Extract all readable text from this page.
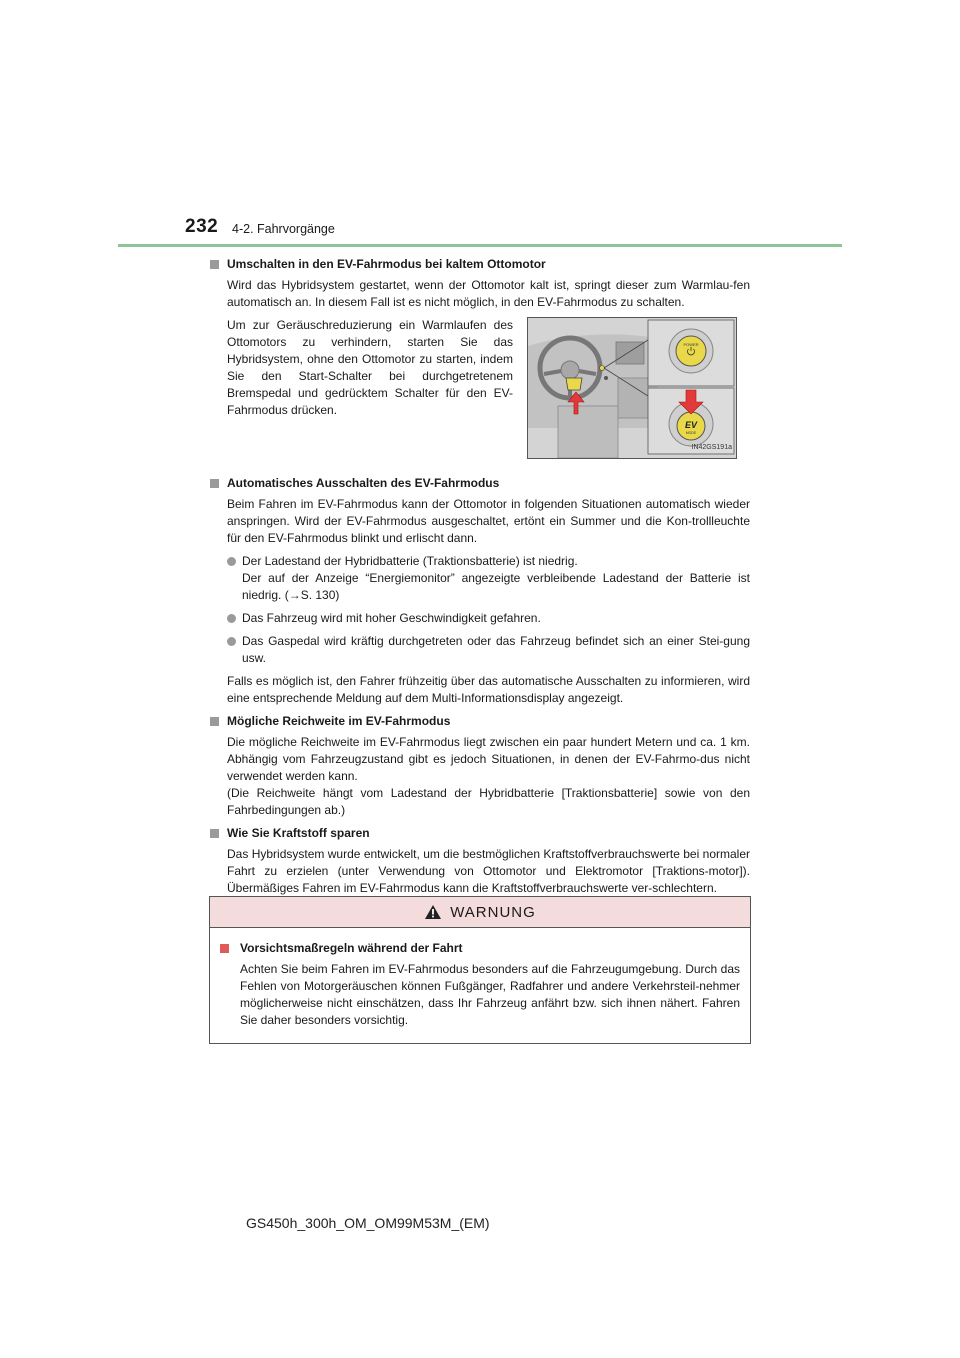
232 4-2. Fahrvorgänge

Umschalten in den EV-Fahrmodus bei kaltem Ottomotor

Wird das Hybridsystem gestartet, wenn der Ottomotor kalt ist, springt dieser zum Warmlau-fen automatisch an. In diesem Fall ist es nicht möglich, in den EV-Fahrmodus zu schalten.

Um zur Geräuschreduzierung ein Warmlaufen des Ottomotors zu verhindern, starten Sie das Hybridsystem, ohne den Ottomotor zu starten, indem Sie den Start-Schalter bei durchgetretenem Bremspedal und gedrücktem Schalter für den EV-Fahrmodus drücken.

POWER
EV
MODE
IN42GS191a

Automatisches Ausschalten des EV-Fahrmodus

Beim Fahren im EV-Fahrmodus kann der Ottomotor in folgenden Situationen automatisch wieder anspringen. Wird der EV-Fahrmodus ausgeschaltet, ertönt ein Summer und die Kon-trollleuchte für den EV-Fahrmodus blinkt und erlischt dann.

Der Ladestand der Hybridbatterie (Traktionsbatterie) ist niedrig.
Der auf der Anzeige “Energiemonitor” angezeigte verbleibende Ladestand der Batterie ist niedrig. (→S. 130)

Das Fahrzeug wird mit hoher Geschwindigkeit gefahren.

Das Gaspedal wird kräftig durchgetreten oder das Fahrzeug befindet sich an einer Stei-gung usw.

Falls es möglich ist, den Fahrer frühzeitig über das automatische Ausschalten zu informieren, wird eine entsprechende Meldung auf dem Multi-Informationsdisplay angezeigt.

Mögliche Reichweite im EV-Fahrmodus

Die mögliche Reichweite im EV-Fahrmodus liegt zwischen ein paar hundert Metern und ca. 1 km. Abhängig vom Fahrzeugzustand gibt es jedoch Situationen, in denen der EV-Fahrmo-dus nicht verwendet werden kann.

(Die Reichweite hängt vom Ladestand der Hybridbatterie [Traktionsbatterie] sowie von den Fahrbedingungen ab.)

Wie Sie Kraftstoff sparen

Das Hybridsystem wurde entwickelt, um die bestmöglichen Kraftstoffverbrauchswerte bei normaler Fahrt zu erzielen (unter Verwendung von Ottomotor und Elektromotor [Traktions-motor]). Übermäßiges Fahren im EV-Fahrmodus kann die Kraftstoffverbrauchswerte ver-schlechtern.

WARNUNG

Vorsichtsmaßregeln während der Fahrt

Achten Sie beim Fahren im EV-Fahrmodus besonders auf die Fahrzeugumgebung. Durch das Fehlen von Motorgeräuschen können Fußgänger, Radfahrer und andere Verkehrsteil-nehmer möglicherweise nicht einschätzen, dass Ihr Fahrzeug anfährt bzw. sich ihnen nähert. Fahren Sie daher besonders vorsichtig.

GS450h_300h_OM_OM99M53M_(EM)
